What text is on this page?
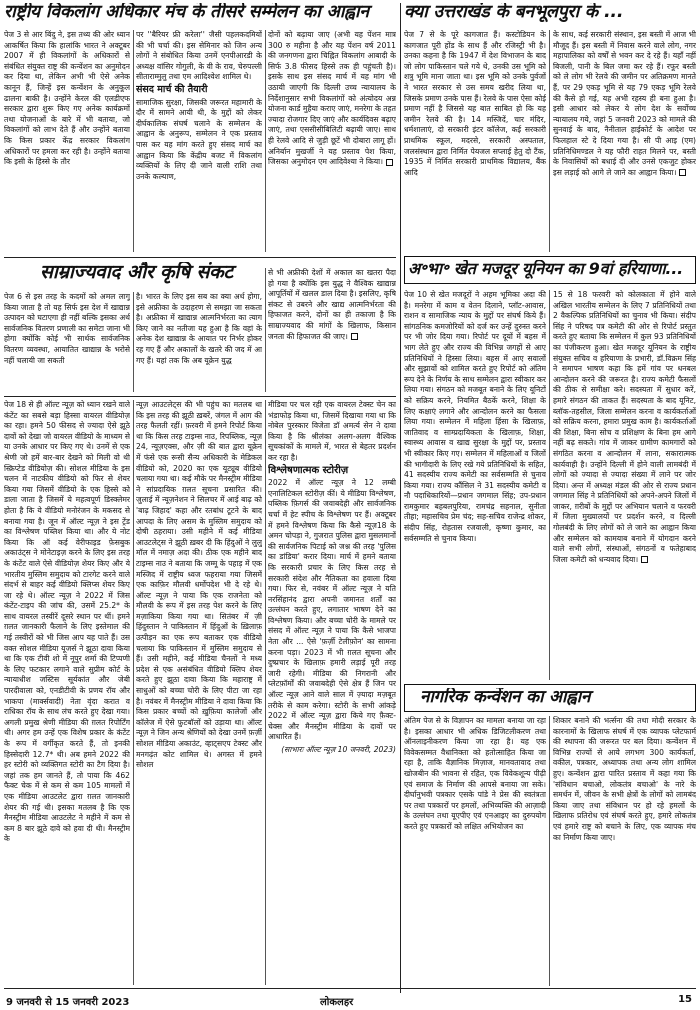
राष्ट्रीय विकलांग अधिकार मंच के तीसरे सम्मेलन का आह्वान
पेज 3 से आर बिंदु ने, इस तथ्य की ओर ध्यान आकर्षित किया कि हालांकि भारत ने अक्टूबर 2007 में ही विकलांगों के अधिकारों से संबंधित संयुक्त राष्ट्र की कन्वेंशन का अनुमोदन कर दिया था, लेकिन अभी भी ऐसे अनेक कानून हैं, जिन्हें इस कन्वेंशन के अनुकूल ढालना बाकी है। उन्होंने केरल की एलडीएफ सरकार द्वारा शुरू किए गए अनेक कार्यक्रमों तथा योजनाओं के बारे में भी बताया, जो विकलांगों को लाभ देते हैं और उन्होंने बताया कि किस प्रकार केंद्र सरकार विकलांग अधिकारों पर हमला कर रही है। उन्होंने बताया कि इसी के हिस्से के तौर

पर ''बैरियर फ्री करेला'' जैसी पहलकदमियों की भी चर्चा की। इस सेमिनार को जिन अन्य लोगों ने संबोधित किया उनमें एनपीआरडी के अध्यक्ष वांसिर गोगुली, के वी के राव, चेरुपल्ली सीताराम्मुलु तथा एम आदिश्वेश शामिल थे।

संसद मार्च की तैयारी

सामाजिक सुरक्षा, जिसकी जरूरत महामारी के दौर में सामने आयी थी, के मुद्दों को लेकर दीर्घकालिक संघर्ष चलाने के सम्मेलन के आह्वान के अनुरूप, सम्मेलन ने एक प्रस्ताव पास कर यह मांग करते हुए संसद मार्च का आह्वान किया कि केंद्रीय बजट में विकलांग व्यक्तियों के लिए दी जाने वाली राशि तथा उनके कल्याण,

दोनों को बढ़ाया जाए (अभी यह पेंशन मात्र 300 रु महीना है और यह पेंशन वर्ष 2011 की जनगणना द्वारा चिह्नित विकलांग आबादी के सिर्फ 3.8 फीसद हिस्से तक ही पहुंचती है)। इसके साथ इस संसद मार्च में यह मांग भी उठायी जाएगी कि दिल्ली उच्च न्यायालय के निर्देशानुसार सभी विकलांगों को अंत्योदय अन्न योजना कार्ड मुहैया कराए जाएं, मनरेगा के तहत ज्यादा रोजगार दिए जाएं और कार्यदिवस बढ़ाए जाएं, तथा एससीसीबिलिटी बढ़ायी जाए। साथ ही रेलवे आदि से जुड़ी छूटें भी दोबारा लागू हों। अनिर्बान मुखर्जी ने यह प्रस्ताव पेश किया, जिसका अनुमोदन एम आदिवेश्या ने किया।
क्या उत्तराखंड के बनभूलपुरा के ...
पेज 7 से के पूरे कागजात हैं। कस्टोडियन के कागजात पूरी होंड के साथ हैं और रजिस्ट्री भी है। उनका कहना है कि 1947 में देश विभाजन के बाद जो लोग पाकिस्तान चले गये थे, उनकी उस भूमि को शत्रु भूमि माना जाता था। इस भूमि को उनके पुर्वजों ने भारत सरकार से उस समय खरीद लिया था, जिसके प्रमाण उनके पास हैं। रेलवे के पास ऐसा कोई प्रमाण नहीं है जिससे यह बात साबित हो कि यह जमीन रेलवे की है। 14 मस्जिदें, चार मंदिर, धर्मशालाएं, दो सरकारी इंटर कॉलेज, कई सरकारी प्राथमिक स्कूल, मदरसे, सरकारी अस्पताल, जलसंस्थान द्वारा निर्मित पेयजल सप्लाई हेतु दो टैंक, 1935 में निर्मित सरकारी प्राथमिक विद्यालय, बैंक आदि
के साथ, कई सरकारी संस्थान, इस बस्ती में आज भी मौजूद हैं। इस बस्ती में निवास करने वाले लोग, नगर महापालिका को वर्षों से भवन कर दे रहे हैं। यहाँ नहीं बिजली, पानी के बिल जमा कर रहे हैं। रफूर बस्ती को ले लोग भी रेलवे की जमीन पर अतिक्रमण मानते हैं, पर 29 एकड़ भूमि से यह 79 एकड़ भूमि रेलवे की कैसे हो गई, यह अभी रहस्य ही बना हुआ है। इसी आधार को लेकर ये लोग देश के सर्वोच्च न्यायालय गये, जहां 5 जनवरी 2023 को मामले की सुनवाई के बाद, नैनीताल हाईकोर्ट के आदेश पर फिलहाल स्टे दे दिया गया है। सी पी आइ (एम) प्रतिनिधिमण्डल ने यह फौरी राहत मिलने पर, बस्ती के निवासियों को बधाई दी और उनसे एकजुट होकर इस लड़ाई को आगे ले जाने का आह्वान किया।
साम्राज्यवाद और कृषि संकट
पेज 6 से इस तरह के कदमों को अमल लागू किया जाता है तो यह सिर्फ इस देश में खाद्यान्न उत्पादन को घटाएगा ही नहीं बल्कि इसका अर्थ सार्वजनिक वितरण प्रणाली का समेटा जाना भी होगा क्योंकि कोई भी सार्थक सार्वजनिक वितरण व्यवस्था, आयातित खाद्यान्न के भरोसे नहीं चलायी जा सकती
है। भारत के लिए इस सब का क्या अर्थ होगा, इसे अफ्रीका के उदाहरण से समझा जा सकता है। अफ्रीका में खाद्यान्न आत्मनिर्भरता का त्याग किए जाने का नतीजा यह हुआ है कि वहां के अनेक देश खाद्यान्न के आयात पर निर्भर होकर रह गए हैं और अकालों के खतरे की जद में आ गए हैं। यहां तक कि अब यूक्रेन युद्ध
से भी अफ्रीकी देशों में अकाल का खतरा पैदा हो गया है क्योंकि इस युद्ध ने वैश्विक खाद्यान्न आपूर्तियों में खलल डाल दिया है। इसलिए, कृषि संकट से उबरने और खाद्य आत्मनिर्भरता की हिफाजत करने, दोनों का ही तकाजा है कि साम्राज्यवाद की मांगों के खिलाफ, किसान जनता की हिफाजत की जाए।
पेज 18 से ही ऑल्ट न्यूज़ को ध्यान रखने वाले कंटेंट का सबसे बड़ा हिस्सा वायरल वीडियोज़ का रहा। हमने 50 फीसद से ज्यादा ऐसे झूठे दावों को देखा जो वायरल वीडियो के माध्यम से या उनके आधार पर किए गए थे। उनमें से एक श्रेणी जो हमें बार-बार देखने को मिली वो थी स्क्रिप्टेड वीडियोज़ की। सोशल मीडिया के इस चलन में नाटकीय वीडियो को फिर से शेयर किया गया जिसमें वीडियो के एक हिस्से को डाला जाता है जिसमें ये महत्वपूर्ण डिस्क्लेमर होता है कि ये वीडियो मनोरंजन के मकसद से बनाया गया है। जून में ऑल्ट न्यूज़ ने इस ट्रेंड का विश्लेषण पब्लिश किया था। और ये नोट किया कि ऑ कई वेरीफाइड फ़ेसबुक अकाउंट्स ने मोनेटाइज़ करने के लिए इस तरह के कंटेंट वाले ऐसे वीडियोज़ शेयर किए और ये भारतीय मुस्लिम समुदाय को टारगेट करने वाले संदर्भ से बाहर कई वीडियो क्लिप्स शेयर किए जा रहे थे। ऑल्ट न्यूज़ ने 2022 में जिस कंटेंट-टाइप की जांच की, उसमें 25.2* के साथ वायरल तस्वीरें दूसरे स्थान पर थीं। हमने ग़लत जानकारी फैलाने के लिए इस्तेमाल की गई तस्वीरों को भी जिस आप यह पाते हैं। उस वक्त सोशल मीडिया यूजर्स ने झूठा दावा किया था कि एक टीवी शो में नूपुर शर्मा की टिप्पणी के लिए फटकार लगाने वाले सुप्रीम कोर्ट के न्यायाधीश जस्टिस सूर्यकांत और जेबी पारदीवाला को, एनडीटीवी के प्रणय रॉय और भाकपा (मार्क्सवादी) नेता वृंदा करात व राधिका रॉय के साथ लंच करते हुए देखा गया। अगली प्रमुख श्रेणी मीडिया की ग़लत रिपोर्टिंग थी। अगर हम उन्हें एक विशेष प्रकार के कंटेंट के रूप में वर्गीकृत करते हैं, तो इनकी हिस्सेदारी 12.7* थी। अब हमने 2022 की हर स्टोरी को व्यक्तिगत स्टोरी का टैग दिया है। जहां तक हम जानते हैं, तो पाया कि 462 फैक्ट चेक में से कम से कम 105 मामलों में एक मीडिया आउटलेट द्वारा ग़लत जानकारी शेयर की गई थी। इसका मतलब है कि एक मैनस्ट्रीम मीडिया आउटलेट ने महीने में कम से कम 8 बार झूठे दावे को हवा दी थी। मैनस्ट्रीम के
न्यूज़ आउटलेट्स की भी पहुंच का मतलब था कि इस तरह की झूठी ख़बरें, जंगल में आग की तरह फैलती रहीं। फ़रवरी में हमने रिपोर्ट किया था कि किस तरह टाइम्स नाउ, रिपब्लिक, न्यूज़ 24, न्यूज़एक्स, और ज़ी की बात द्वारा यूक्रेन में फंसे एक रूसी सैन्य अधिकारी के मेडिकल वीडियो को, 2020 का एक यूट्यूब वीडियो चलाया गया था। कई मौके पर मैनस्ट्रीम मीडिया ने सांप्रदायिक ग़लत सूचना प्रसारित की। जुलाई में न्यूज़नेशन ने सिलचर में आई बाढ़ को 'बाढ़ जिहाद' कहा और रतबांध टूटने के बाद आपदा के लिए असम के मुस्लिम समुदाय को दोषी ठहराया। उसी महीने में कई मीडिया आउटलेट्स ने झूठी ख़बर दी कि हिंदुओं ने लुलु मॉल में नमाज़ अदा की। ठीक एक महीने बाद टाइम्स नाउ ने बताया कि जम्मू के पहाड़ में एक मस्जिद में राष्ट्रीय ध्वज फहराया गया जिसमें एक काफ़िर मौलवी धर्मोपदेश भी दे रहे थे। ऑल्ट न्यूज़ ने पाया कि एक राजनेता को मौलवी के रूप में इस तरह पेश करने के लिए मज़ाकिया किया गया था। सितंबर में ज़ी हिंदुस्तान ने पाकिस्तान में हिंदुओं के ख़िलाफ़ उत्पीड़न का एक रूप बताकर एक वीडियो चलाया कि पाकिस्तान में मुस्लिम समुदाय से हैं। उसी महीने, कई मीडिया चैनलों ने मध्य प्रदेश से एक असंबंधित वीडियो क्लिप शेयर करते हुए झूठा दावा किया कि महाराष्ट्र में साधुओं को बच्चा चोरी के लिए पीटा जा रहा है। नवंबर में मैनस्ट्रीम मीडिया ने दावा किया कि किस प्रकार बच्चों को ख़ुफ़िया कालेजों और कॉलेज में ऐसे फ़ुटबॉलों को उड़ाया था। ऑल्ट न्यूज़ ने जिन अन्य श्रेणियों को देखा उनमें फ़र्ज़ी सोशल मीडिया अकाउंट, व्हाट्सएप टेक्स्ट और मनगढ़ंत कोट शामिल थे। अगस्त में हमने सोशल

मीडिया पर चल रही एक वायरल टेक्स्ट चेन का भंडाफोड़ किया था, जिसमें दिखाया गया था कि नोबेल पुरस्कार विजेता डॉ अमर्त्य सेन ने दावा किया है कि श्रीलंका अलग-अलग वैश्विक सूचकांकों के मामले में, भारत से बेहतर प्रदर्शन कर रहा है।

विश्लेषणात्मक स्टोरीज़

2022 में ऑल्ट न्यूज़ ने 12 लम्बी एनालिटिकल स्टोरीज़ कीं। ये मीडिया विश्लेषण, पब्लिक फ़िगर्स की जवाबदेही और सार्वजनिक चर्चा में हेट स्पीच के विश्लेषण पर हैं। अक्टूबर में हमने विश्लेषण किया कि कैसे न्यूज़18 के अमन चोपड़ा ने, गुजरात पुलिस द्वारा मुसलमानों की सार्वजनिक पिटाई को जश्न की तरह 'पुलिस का डांडिया' करार दिया। मार्च में हमने बताया कि सरकारी प्रचार के लिए किस तरह से सरकारी संदेश और नैतिकता का हवाला दिया गया। फिर से, नवंबर में ऑल्ट न्यूज़ ने यति नरसिंहानंद द्वारा अपनी जमानत शर्तों का उल्लंघन करते हुए, लगातार भाषण देने का विश्लेषण किया। और बच्चा चोरी के मामले पर संसद में ऑल्ट न्यूज़ ने पाया कि कैसे भाजपा नेता और ... ऐसे 'फ़र्ज़ी टेलीफ़ोन' का सामना करना पड़ा। 2023 में भी ग़लत सूचना और दुष्प्रचार के खिलाफ़ हमारी लड़ाई पूरी तरह जारी रहेगी। मीडिया की निगरानी और प्लेटफ़ॉर्मों की जवाबदेही ऐसे क्षेत्र हैं जिन पर ऑल्ट न्यूज़ आने वाले साल में ज़्यादा मज़बूत तरीके से काम करेगा। स्टोरी के सभी आंकड़े 2022 में ऑल्ट न्यूज़ द्वारा किये गए फ़ैक्ट-चेक्स और मैनस्ट्रीम मीडिया के दावों पर आधारित हैं।

(साभारः ऑल्ट न्यूज़ 10 जनवरी, 2023)

अ॰भा॰ खेत मजदूर यूनियन का 9वां हरियाणा...
पेज 10 से खेत मजदूरों ने अहम भूमिका अदा की है। मनरेगा में काम व वेतन दिलाने, प्लॉट-आवास, राशन व सामाजिक न्याय के मुद्दों पर संघर्ष किये हैं। सांगठनिक कमजोरियों को दर्ज कर उन्हें दुरुस्त करने पर भी जोर दिया गया। रिपोर्ट पर दूयों में बहस में भाग लेते हुए और राज्य की विभिन्न जगहों से आए प्रतिनिधियों ने हिस्सा लिया। बहस में आए सवालों और सुझावों को शामिल करते हुए रिपोर्ट को अंतिम रूप देने के निर्णय के साथ सम्मेलन द्वारा स्वीकार कर लिया गया। संगठन को मजबूत बनाने के लिए यूनिटों को सक्रिय करने, नियमित बैठकें करने, शिक्षा के लिए कक्षाएं लगाने और आन्दोलन करने का फैसला लिया गया। सम्मेलन में महिला हिंसा के खिलाफ़, जातिवाद व साम्प्रदायिकता के खिलाफ़, शिक्षा, स्वास्थ्य आवास व खाद्य सुरक्षा के मुद्दों पर, प्रस्ताव भी स्वीकार किए गए। सम्मेलन में महिलाओं व जिलों की भागीदारी के लिए रखे गये प्रतिनिधियों के सहित, 41 सदस्यीय राज्य कमेटी का सर्वसम्मति से चुनाव किया गया। राज्य कौंसिल ने 31 सदस्यीय कमेटी व नौ पदाधिकारियों—प्रधान जगमाल सिंह; उप-प्रधान रामकुमार बहबलपुरिया, रामचंद्र सहनाल, सुनीता तीहा; महासचिव प्रेम चंद; सह-सचिव राजेन्द्र शोकर, संदीप सिंह, रोहतास रजवाली, कृष्णा कुमार, का सर्वसम्मति से चुनाव किया।
15 से 18 फरवरी को कोलकाता में होने वाले अखिल भारतीय सम्मेलन के लिए 7 प्रतिनिधियों तथा 2 वैकल्पिक प्रतिनिधियों का चुनाव भी किया। संदीप सिंह ने परिषद पत्र कमेटी की ओर से रिपोर्ट प्रस्तुत करते हुए बताया कि सम्मेलन में कुल 93 प्रतिनिधियों का पंजीकरण हुआ। खेत मजदूर यूनियन के राष्ट्रीय संयुक्त सचिव व हरियाणा के प्रभारी, डॉ.विक्रम सिंह ने समापन भाषण कहा कि हमें गांव पर धनबल आन्दोलन करने की जरूरत है। राज्य कमेटी फैसलों की ठीक से समीक्षा करे। सदस्यता में सुधार करें, हमारे संगठन की ताकत हैं। सदस्यता के बाद यूनिट, ब्लॉक-तहसील, जिला सम्मेलन करना व कार्यकर्ताओं को सक्रिय करना, हमारा प्रमुख काम है। कार्यकर्ताओं की शिक्षा, बिना सोच व प्रशिक्षण के बिना हम आगे नहीं बढ़ सकते। गांव में जाकर ग्रामीण कामगारों को संगठित करना व आन्दोलन में लाना, सकारात्मक कार्यवाही है। उन्होंने दिल्ली में होने वाली लामबंदी में लोगों को ज्यादा से ज्यादा संख्या में लाने पर जोर दिया। अन्त में अध्यक्ष मंडल की ओर से राज्य प्रधान जगमाल सिंह ने प्रतिनिधियों को अपने-अपने जिलों में जाकर, ग़रीबों के मुद्दों पर अभियान चलाने व फरवरी में जिला मुख्यालयों पर प्रदर्शन करने, व दिल्ली गोलबंदी के लिए लोगों को ले जाने का आह्वान किया और सम्मेलन को कामयाब बनाने में योगदान करने वाले सभी लोगों, संस्थाओं, संगठनों व फतेहाबाद जिला कमेटी को धन्यवाद दिया।
नागरिक कन्वेंशन का आह्वान
अंतिम पेज से के विज्ञापन का मामला बनाया जा रहा है। इसका आधार भी अधिक डिजिटलीकरण तथा ऑनलाइनीकरण किया जा रहा है। यह एक विवेकसम्मत वैधानिक्ता को हतोत्साहित किया जा रहा है, ताकि वैज्ञानिक मिज़ाज, मानवतावाद तथा खोजबीन की भावना से रहित, एक विवेकशून्य पीढ़ी एवं समाज के निर्माण की आपसे बनाया जा सके। दीर्घानुभवी पत्रकार एसके पांडे ने प्रेस की स्वतंत्रता पर तथा पत्रकारों पर हमलों, अभिव्यक्ति की आज़ादी के उल्लंघन तथा यूएपीए एवं एनआइए का दुरुपयोग करते हुए पत्रकारों को लक्षित अभियोजन का
शिकार बनाने की भर्त्सना की तथा मोदी सरकार के कारनामों के खिलाफ संघर्ष में एक व्यापक प्लेटफार्म की स्थापना की जरूरत पर बल दिया। कन्वेंशन में विभिन्न राज्यों से आये लगभग 300 कार्यकर्ता, वकील, पत्रकार, अध्यापक तथा अन्य लोग शामिल हुए। कन्वेंशन द्वारा पारित प्रस्ताव में कहा गया कि 'संविधान बचाओ, लोकतंत्र बचाओ' के नारे के समर्थन में, जीवन के सभी क्षेत्रों के लोगों को लामबंद किया जाए तथा संविधान पर हो रहे हमलों के खिलाफ प्रतिरोध एवं संघर्ष करते हुए, हमारे लोकतंत्र एवं हमारे राष्ट्र को बचाने के लिए, एक व्यापक मंच का निर्माण किया जाए।
9 जनवरी से 15 जनवरी 2023	लोकलहर	15
